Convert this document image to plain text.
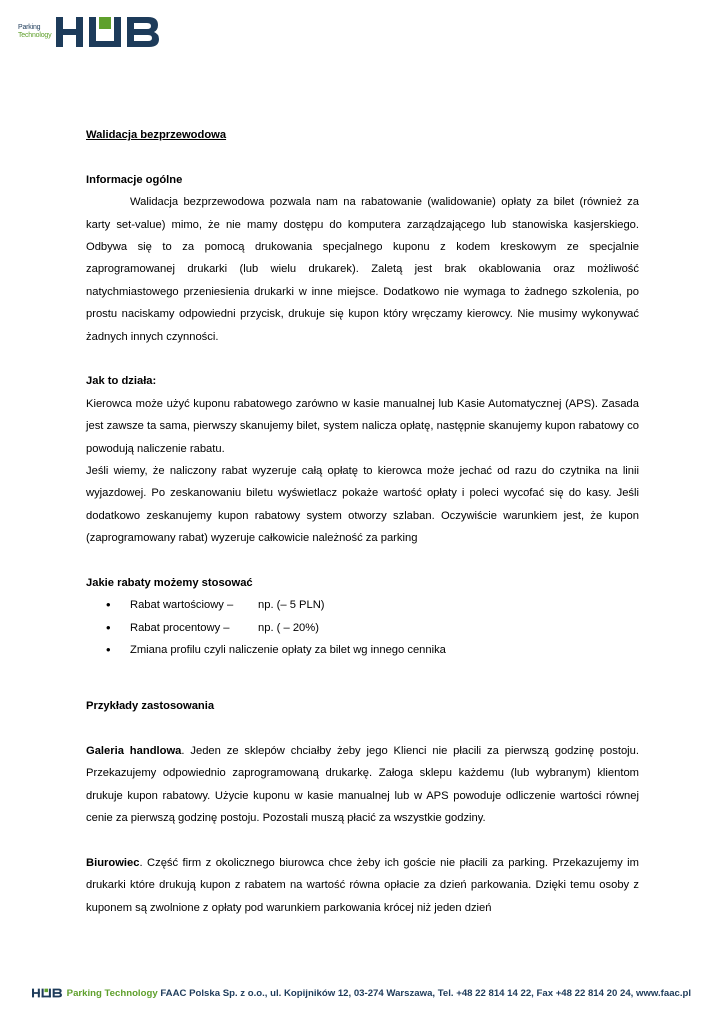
Parking
Technology

Walidacja bezprzewodowa

Informacje ogólne

Walidacja bezprzewodowa pozwala nam na rabatowanie (walidowanie) opłaty za bilet (również za karty set-value) mimo, że nie mamy dostępu do komputera zarządzającego lub stanowiska kasjerskiego. Odbywa się to za pomocą drukowania specjalnego kuponu z kodem kreskowym ze specjalnie zaprogramowanej drukarki (lub wielu drukarek). Zaletą jest brak okablowania oraz możliwość natychmiastowego przeniesienia drukarki w inne miejsce. Dodatkowo nie wymaga to żadnego szkolenia, po prostu naciskamy odpowiedni przycisk, drukuje się kupon który wręczamy kierowcy. Nie musimy wykonywać żadnych innych czynności.

Jak to działa:

Kierowca może użyć kuponu rabatowego zarówno w kasie manualnej lub Kasie Automatycznej (APS). Zasada jest zawsze ta sama, pierwszy skanujemy bilet, system nalicza opłatę, następnie skanujemy kupon rabatowy co powodują naliczenie rabatu.

Jeśli wiemy, że naliczony rabat wyzeruje całą opłatę to kierowca może jechać od razu do czytnika na linii wyjazdowej. Po zeskanowaniu biletu wyświetlacz pokaże wartość opłaty i poleci wycofać się do kasy. Jeśli dodatkowo zeskanujemy kupon rabatowy system otworzy szlaban. Oczywiście warunkiem jest, że kupon (zaprogramowany rabat) wyzeruje całkowicie należność za parking

Jakie rabaty możemy stosować

• Rabat wartościowy – np. (– 5 PLN)
• Rabat procentowy –	np. ( – 20%)
• Zmiana profilu czyli naliczenie opłaty za bilet wg innego cennika

Przykłady zastosowania

Galeria handlowa. Jeden ze sklepów chciałby żeby jego Klienci nie płacili za pierwszą godzinę postoju. Przekazujemy odpowiednio zaprogramowaną drukarkę. Załoga sklepu każdemu (lub wybranym) klientom drukuje kupon rabatowy. Użycie kuponu w kasie manualnej lub w APS powoduje odliczenie wartości równej cenie za pierwszą godzinę postoju. Pozostali muszą płacić za wszystkie godziny.

Biurowiec. Część firm z okolicznego biurowca chce żeby ich goście nie płacili za parking. Przekazujemy im drukarki które drukują kupon z rabatem na wartość równa opłacie za dzień parkowania. Dzięki temu osoby z kuponem są zwolnione z opłaty pod warunkiem parkowania krócej niż jeden dzień

Parking Technology FAAC Polska Sp. z o.o., ul. Kopijników 12, 03-274 Warszawa, Tel. +48 22 814 14 22, Fax +48 22 814 20 24, www.faac.pl
